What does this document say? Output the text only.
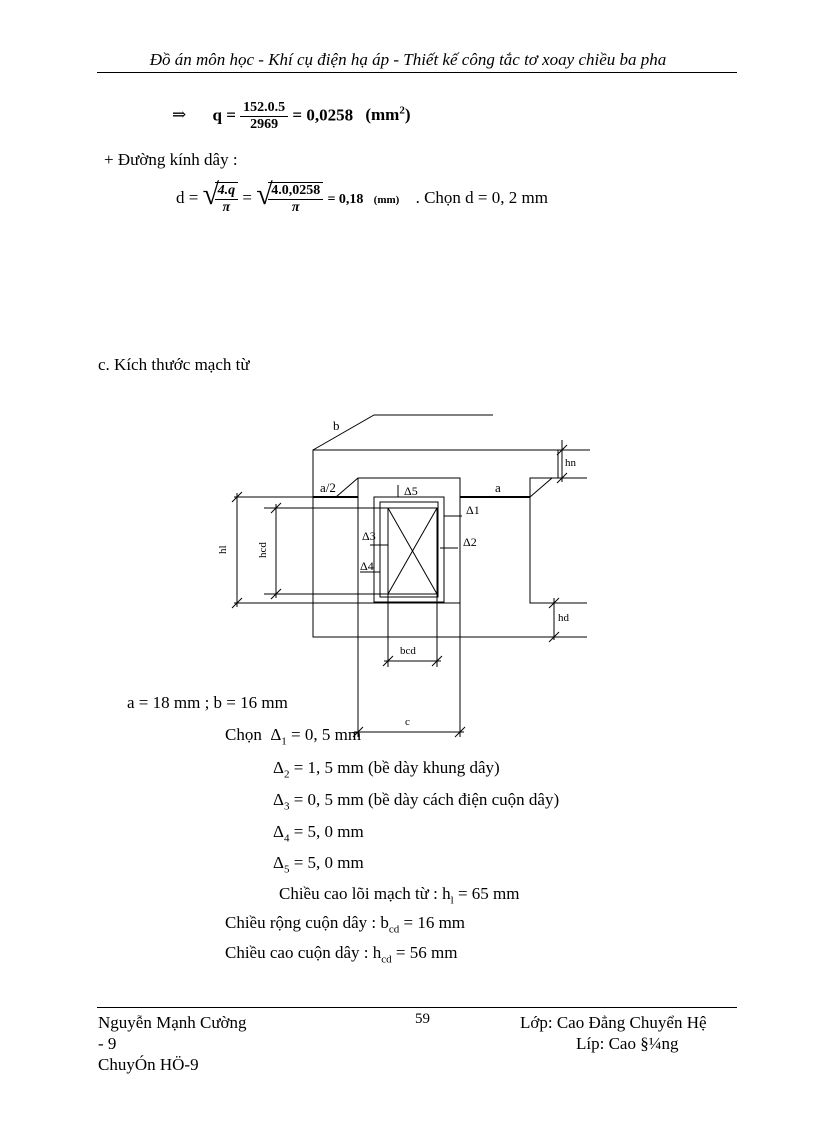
Đồ án môn học - Khí cụ điện hạ áp - Thiết kế công tắc tơ xoay chiều ba pha
⇒ $q = \frac{152.0.5}{2969} = 0,0258$ $(mm^2)$
+ Đường kính dây :
d = √
$\frac{4.q}{\pi}$ = √
$\frac{4.0,0258}{\pi} = 0,18$ (mm) . Chọn d = 0, 2 mm
c. Kích thước mạch từ
b
a/2	a
hn
hl	hcd
hd
bcd
c
Δ5
Δ1
Δ2
Δ3
Δ4
a = 18 mm ; b = 16 mm
Chọn $\Delta_1 = 0$, 5 mm
$\Delta_2 = 1$, 5 mm (bề dày khung dây)
$\Delta_3 = 0$, 5 mm (bề dày cách điện cuộn dây)
$\Delta_4 = 5$, 0 mm
$\Delta_5 = 5$, 0 mm
Chiều cao lõi mạch từ : $h_l = 65$ mm
Chiều rộng cuộn dây : $b_{cd} = 16$ mm
Chiều cao cuộn dây : $h_{cd} = 56$ mm
Nguyễn Mạnh Cường
- 9
ChuyÓn HÖ-9
59	Lớp: Cao Đẳng Chuyển Hệ
Líp: Cao §¼ng
